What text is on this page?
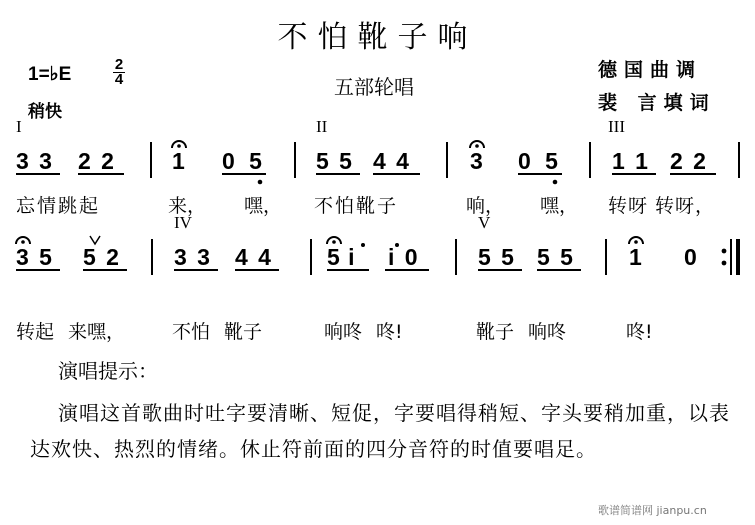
不怕靴子响
1=♭E	2
4
稍快
五部轮唱
德国曲调
裴 言填词
I	II	III
IV	V
3 3 2 2	1 0 5 5 5 4 4	3 0 5 1 1 2 2
忘情跳起	来， 嘿， 不怕靴子	响， 嘿， 转呀 转呀，
3 5 5 2 3 3 4 4 5 i i 0	5 5 5 5 1 0
转起 来嘿， 不怕 靴子	响咚 咚!	靴子 响咚	咚!
演唱提示：
演唱这首歌曲时吐字要清晰、短促，字要唱得稍短、字头要稍加重，以表达欢快、热烈的情绪。休止符前面的四分音符的时值要唱足。
歌谱简谱网 jianpu.cn
